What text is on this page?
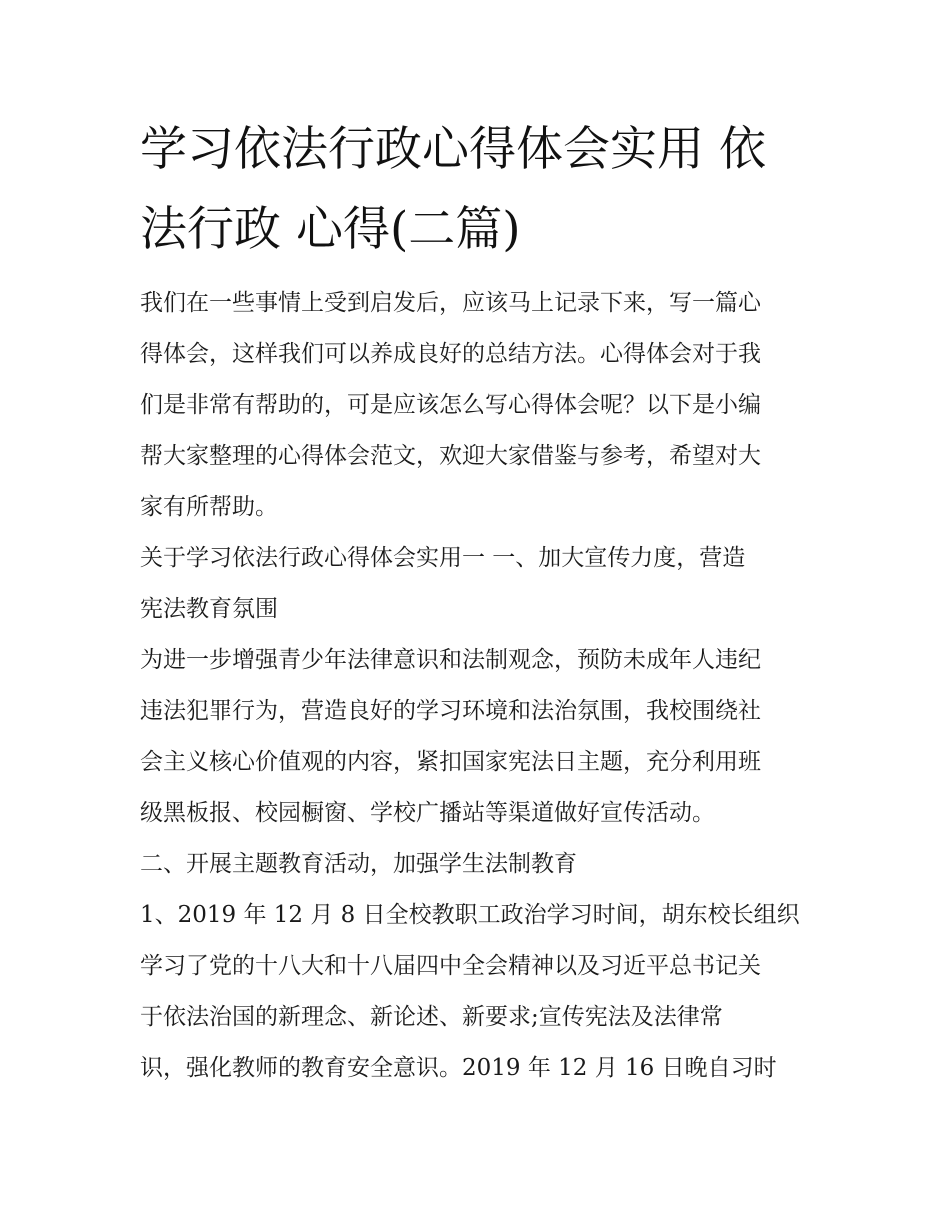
学习依法行政心得体会实用 依
法行政 心得(二篇)
我们在一些事情上受到启发后，应该马上记录下来，写一篇心
得体会，这样我们可以养成良好的总结方法。心得体会对于我
们是非常有帮助的，可是应该怎么写心得体会呢？以下是小编
帮大家整理的心得体会范文，欢迎大家借鉴与参考，希望对大
家有所帮助。
关于学习依法行政心得体会实用一 一、加大宣传力度，营造
宪法教育氛围
为进一步增强青少年法律意识和法制观念，预防未成年人违纪
违法犯罪行为，营造良好的学习环境和法治氛围，我校围绕社
会主义核心价值观的内容，紧扣国家宪法日主题，充分利用班
级黑板报、校园橱窗、学校广播站等渠道做好宣传活动。
二、开展主题教育活动，加强学生法制教育
1、2019 年 12 月 8 日全校教职工政治学习时间，胡东校长组织
学习了党的十八大和十八届四中全会精神以及习近平总书记关
于依法治国的新理念、新论述、新要求;宣传宪法及法律常
识，强化教师的教育安全意识。2019 年 12 月 16 日晚自习时
